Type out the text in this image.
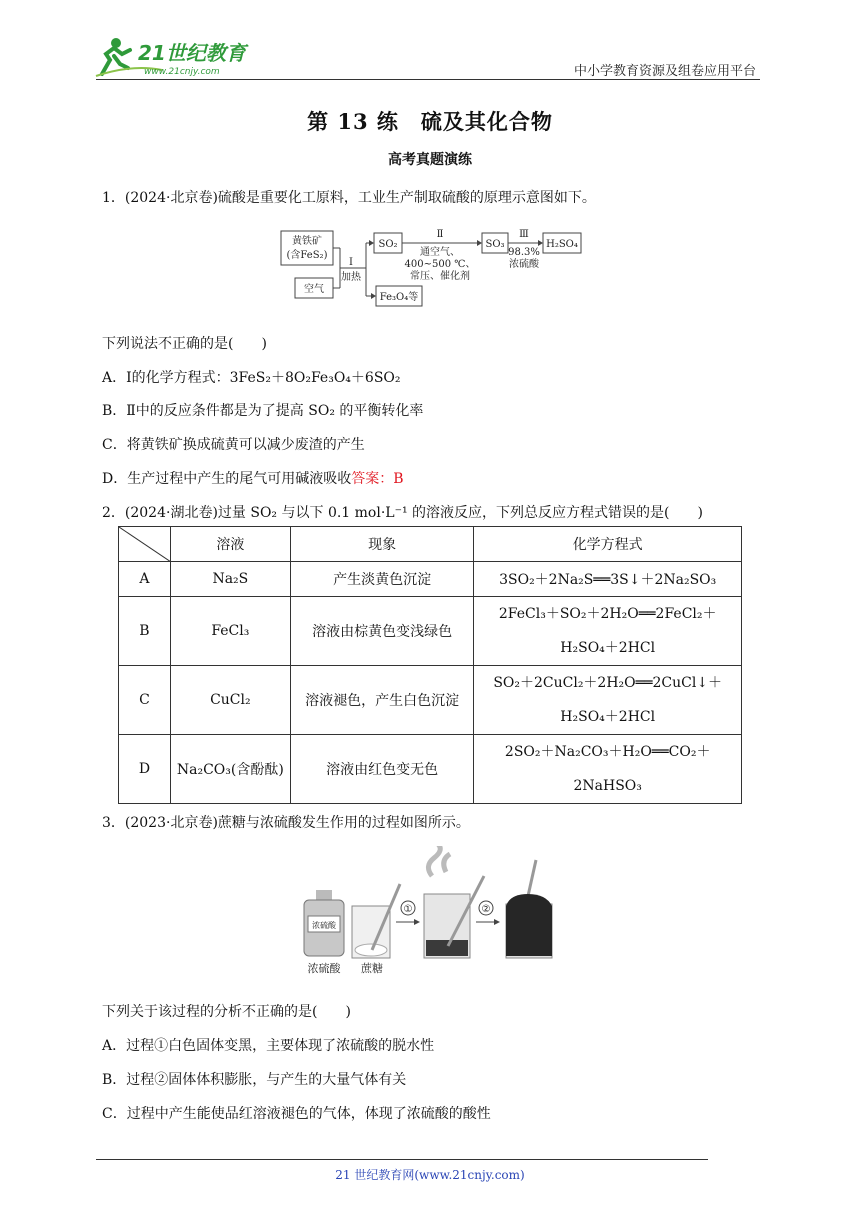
21世纪教育
www.21cnjy.com	中小学教育资源及组卷应用平台
第 13 练　硫及其化合物
高考真题演练
1．(2024·北京卷)硫酸是重要化工原料，工业生产制取硫酸的原理示意图如下。
黄铁矿
(含FeS₂)
空气
Ⅰ
加热
SO₂
Fe₃O₄等
Ⅱ
通空气、
400~500 ℃、
常压、催化剂
SO₃
Ⅲ
98.3%
浓硫酸
H₂SO₄
下列说法不正确的是(　　)
A．Ⅰ的化学方程式：3FeS₂＋8O₂Fe₃O₄＋6SO₂
B．Ⅱ中的反应条件都是为了提高 SO₂ 的平衡转化率
C．将黄铁矿换成硫黄可以减少废渣的产生
D．生产过程中产生的尾气可用碱液吸收答案：B
2．(2024·湖北卷)过量 SO₂ 与以下 0.1 mol·L⁻¹ 的溶液反应，下列总反应方程式错误的是(　　)
	溶液	现象	化学方程式
A	Na₂S	产生淡黄色沉淀	3SO₂＋2Na₂S══3S↓＋2Na₂SO₃

B	FeCl₃	溶液由棕黄色变浅绿色	2FeCl₃＋SO₂＋2H₂O══2FeCl₂＋
H₂SO₄＋2HCl

C	CuCl₂	溶液褪色，产生白色沉淀	SO₂＋2CuCl₂＋2H₂O══2CuCl↓＋
H₂SO₄＋2HCl

D	Na₂CO₃(含酚酞)	溶液由红色变无色	2SO₂＋Na₂CO₃＋H₂O══CO₂＋
2NaHSO₃
3．(2023·北京卷)蔗糖与浓硫酸发生作用的过程如图所示。
浓硫酸
①	②
浓硫酸 蔗糖
下列关于该过程的分析不正确的是(　　)
A．过程①白色固体变黑，主要体现了浓硫酸的脱水性
B．过程②固体体积膨胀，与产生的大量气体有关
C．过程中产生能使品红溶液褪色的气体，体现了浓硫酸的酸性
21 世纪教育网(www.21cnjy.com)
